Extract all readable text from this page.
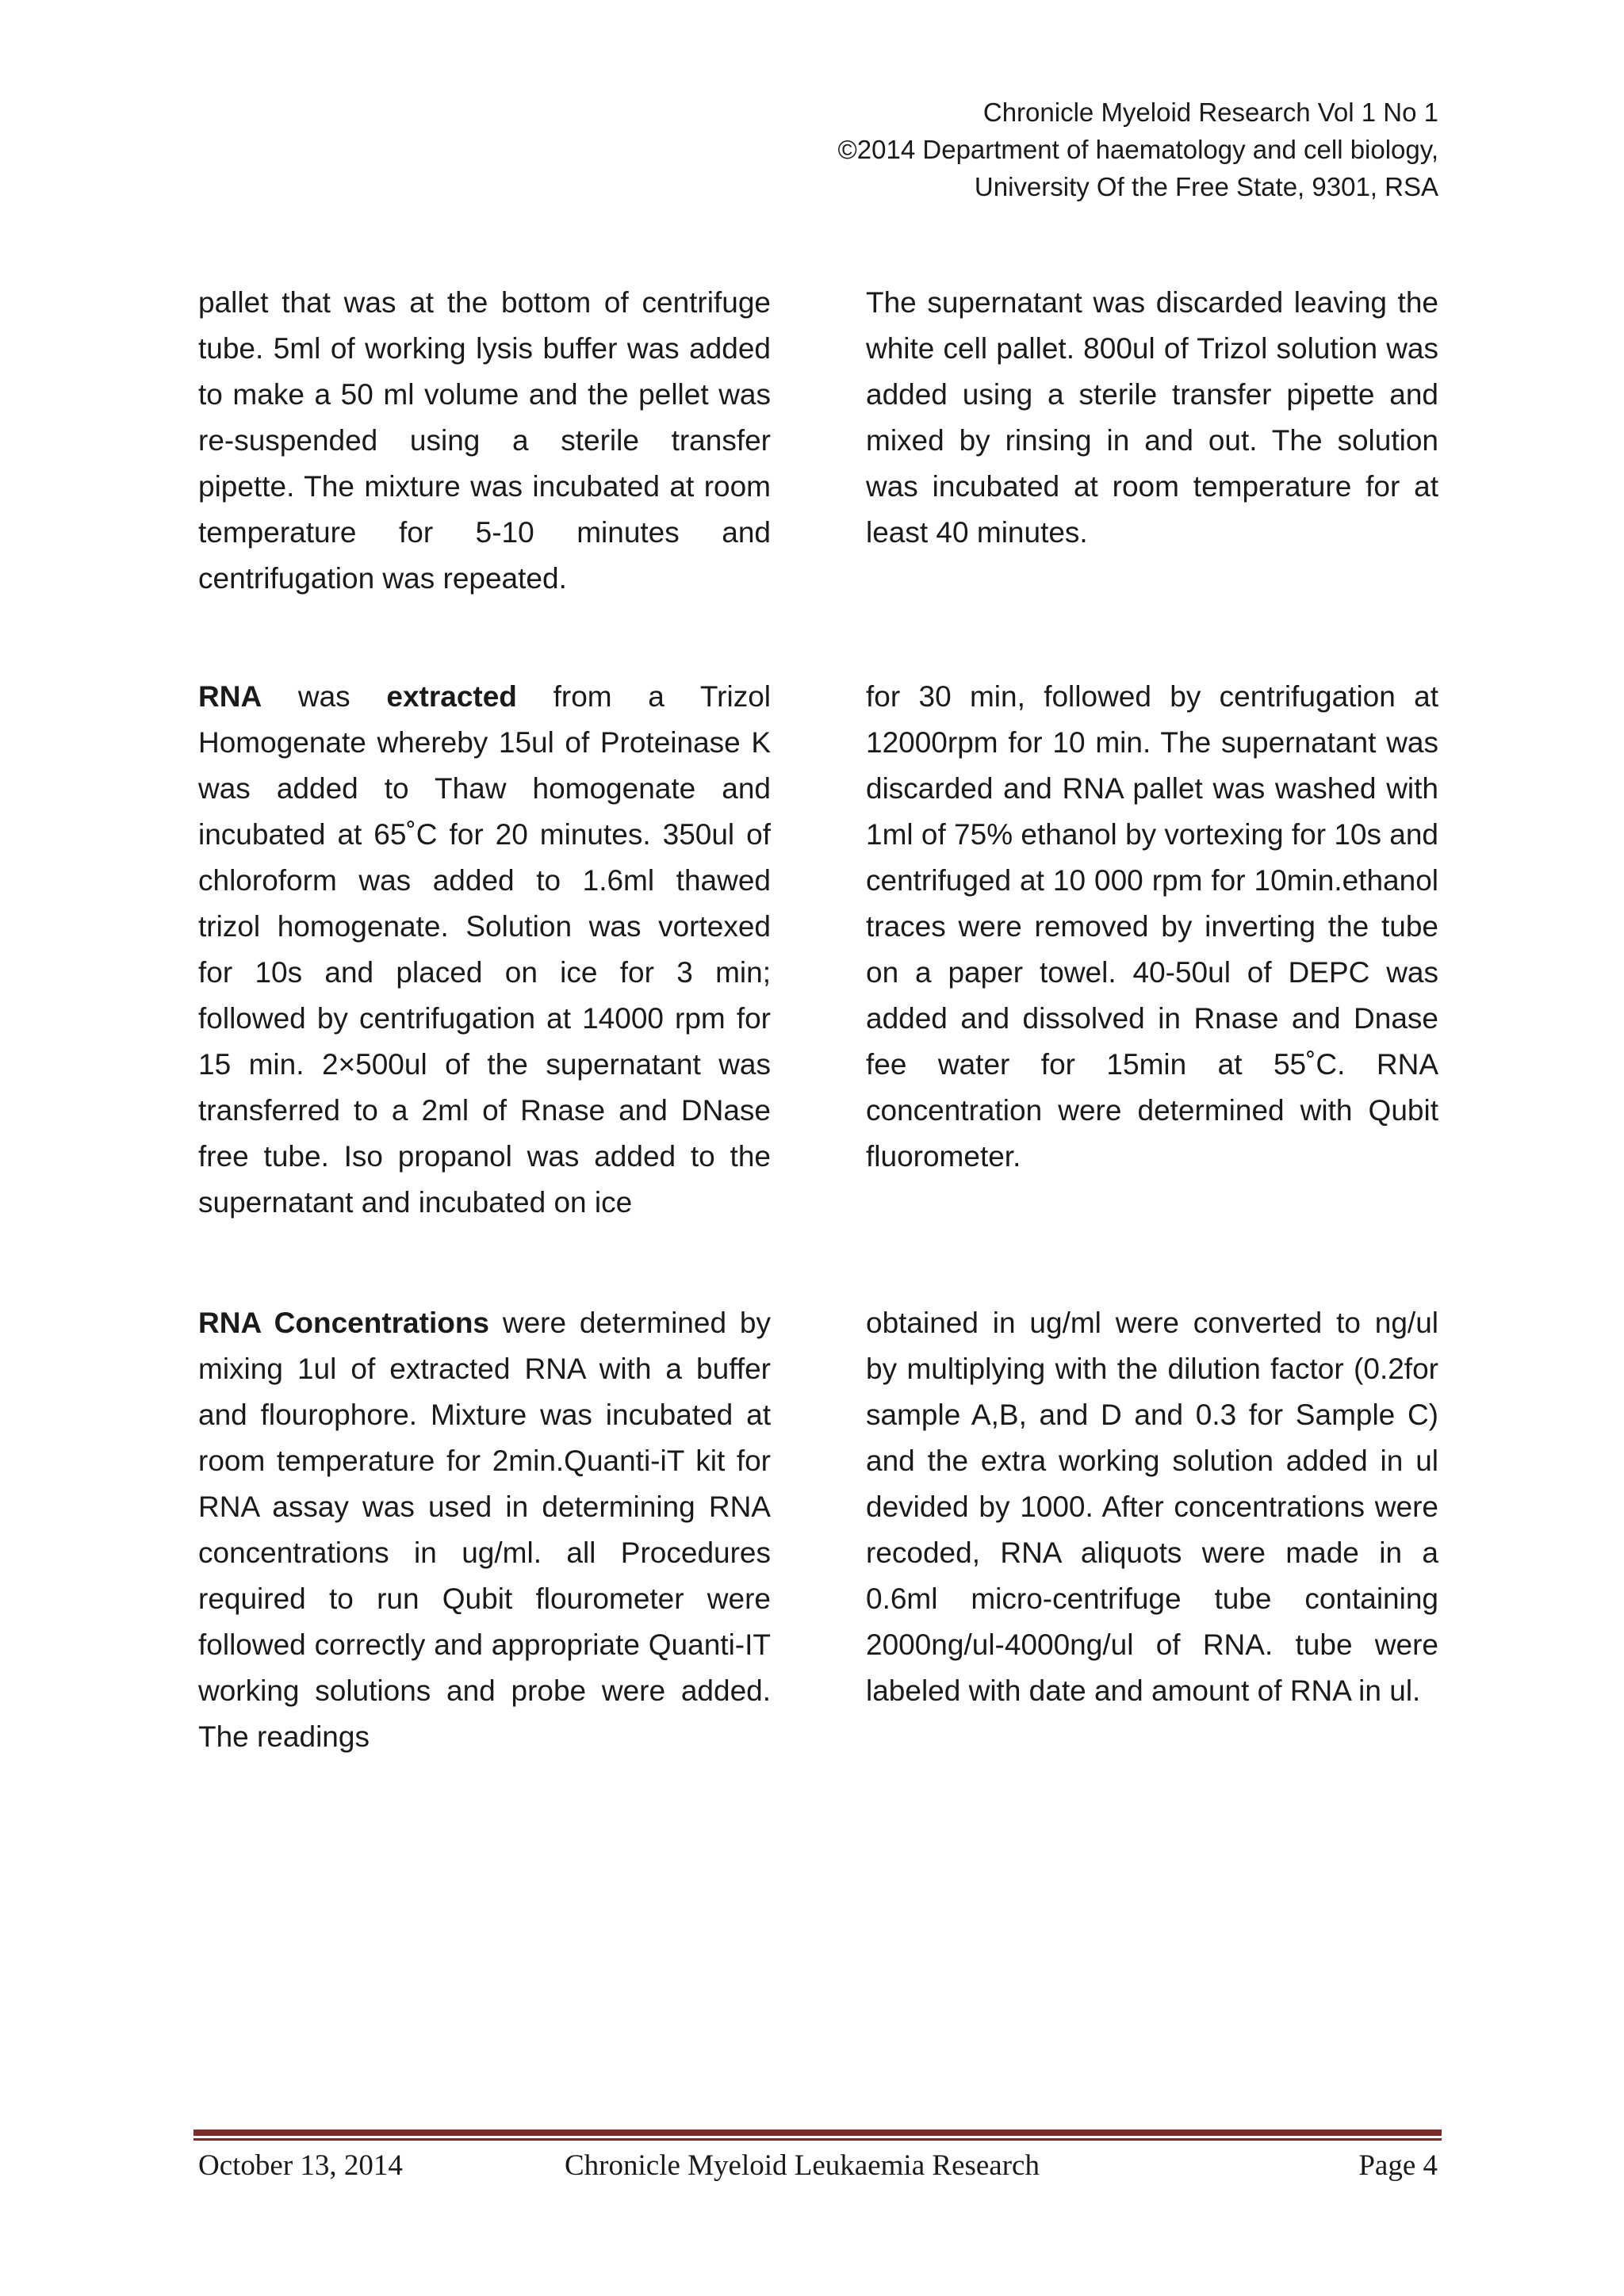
Chronicle Myeloid Research Vol 1 No 1
©2014 Department of haematology and cell biology,
University Of the Free State, 9301, RSA

pallet that was at the bottom of centrifuge tube. 5ml of working lysis buffer was added to make a 50 ml volume and the pellet was re-suspended using a sterile transfer pipette. The mixture was incubated at room temperature for 5-10 minutes and centrifugation was repeated.

The supernatant was discarded leaving the white cell pallet. 800ul of Trizol solution was added using a sterile transfer pipette and mixed by rinsing in and out. The solution was incubated at room temperature for at least 40 minutes.

RNA was extracted from a Trizol Homogenate whereby 15ul of Proteinase K was added to Thaw homogenate and incubated at 65˚C for 20 minutes. 350ul of chloroform was added to 1.6ml thawed trizol homogenate. Solution was vortexed for 10s and placed on ice for 3 min; followed by centrifugation at 14000 rpm for 15 min. 2×500ul of the supernatant was transferred to a 2ml of Rnase and DNase free tube. Iso propanol was added to the supernatant and incubated on ice

for 30 min, followed by centrifugation at 12000rpm for 10 min. The supernatant was discarded and RNA pallet was washed with 1ml of 75% ethanol by vortexing for 10s and centrifuged at 10 000 rpm for 10min.ethanol traces were removed by inverting the tube on a paper towel. 40-50ul of DEPC was added and dissolved in Rnase and Dnase fee water for 15min at 55˚C. RNA concentration were determined with Qubit fluorometer.

RNA Concentrations were determined by mixing 1ul of extracted RNA with a buffer and flourophore. Mixture was incubated at room temperature for 2min.Quanti-iT kit for RNA assay was used in determining RNA concentrations in ug/ml. all Procedures required to run Qubit flourometer were followed correctly and appropriate Quanti-IT working solutions and probe were added. The readings

obtained in ug/ml were converted to ng/ul by multiplying with the dilution factor (0.2for sample A,B, and D and 0.3 for Sample C) and the extra working solution added in ul devided by 1000. After concentrations were recoded, RNA aliquots were made in a 0.6ml micro-centrifuge tube containing 2000ng/ul-4000ng/ul of RNA. tube were labeled with date and amount of RNA in ul.

October 13, 2014	Chronicle Myeloid Leukaemia Research	Page 4
